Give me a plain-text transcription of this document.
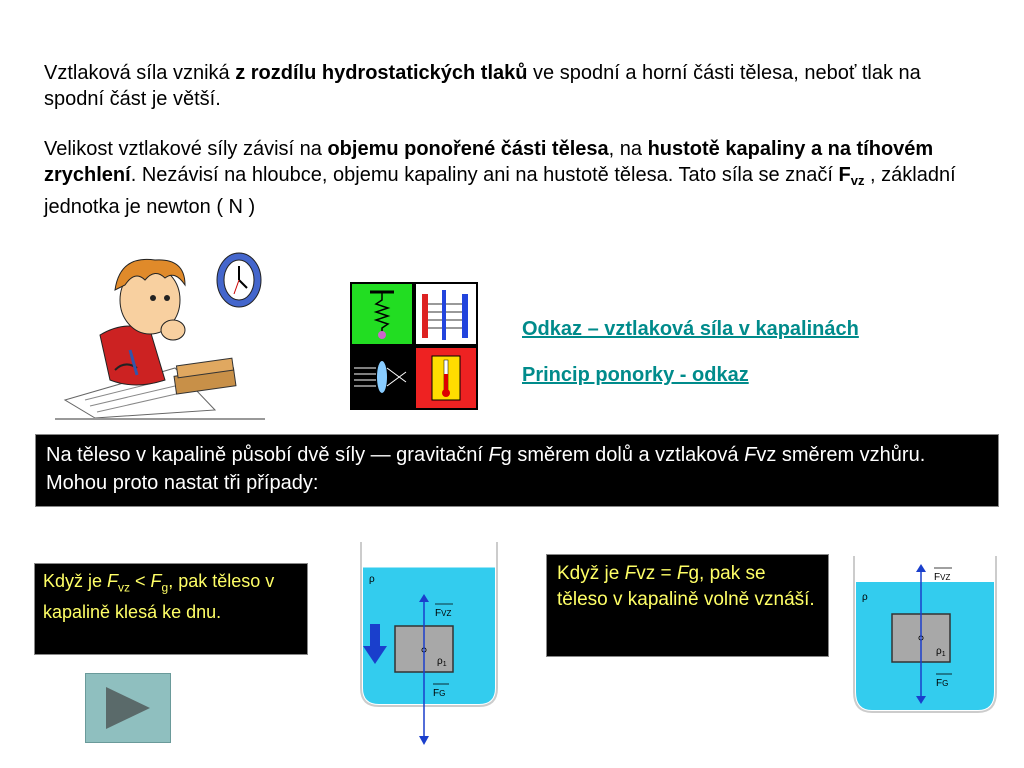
Vztlaková síla vzniká z rozdílu hydrostatických tlaků ve spodní a horní části tělesa, neboť tlak na spodní část je větší.
Velikost vztlakové síly závisí na objemu ponořené části tělesa, na hustotě kapaliny a na tíhovém zrychlení. Nezávisí na hloubce, objemu kapaliny ani na hustotě tělesa. Tato síla se značí $F_{vz}$ , základní jednotka je newton ( N )
Odkaz – vztlaková síla v kapalinách
Princip ponorky - odkaz
Na těleso v kapalině působí dvě síly — gravitační Fg směrem dolů a vztlaková Fvz směrem vzhůru. Mohou proto nastat tři případy:
Když je $F_{vz} < F_g$, pak těleso v kapalině klesá ke dnu.
Když je Fvz = Fg, pak se těleso v kapalině volně vznáší.
ρ
$\rho_1$
FVZ
FG
ρ
$\rho_1$
FVZ
FG
